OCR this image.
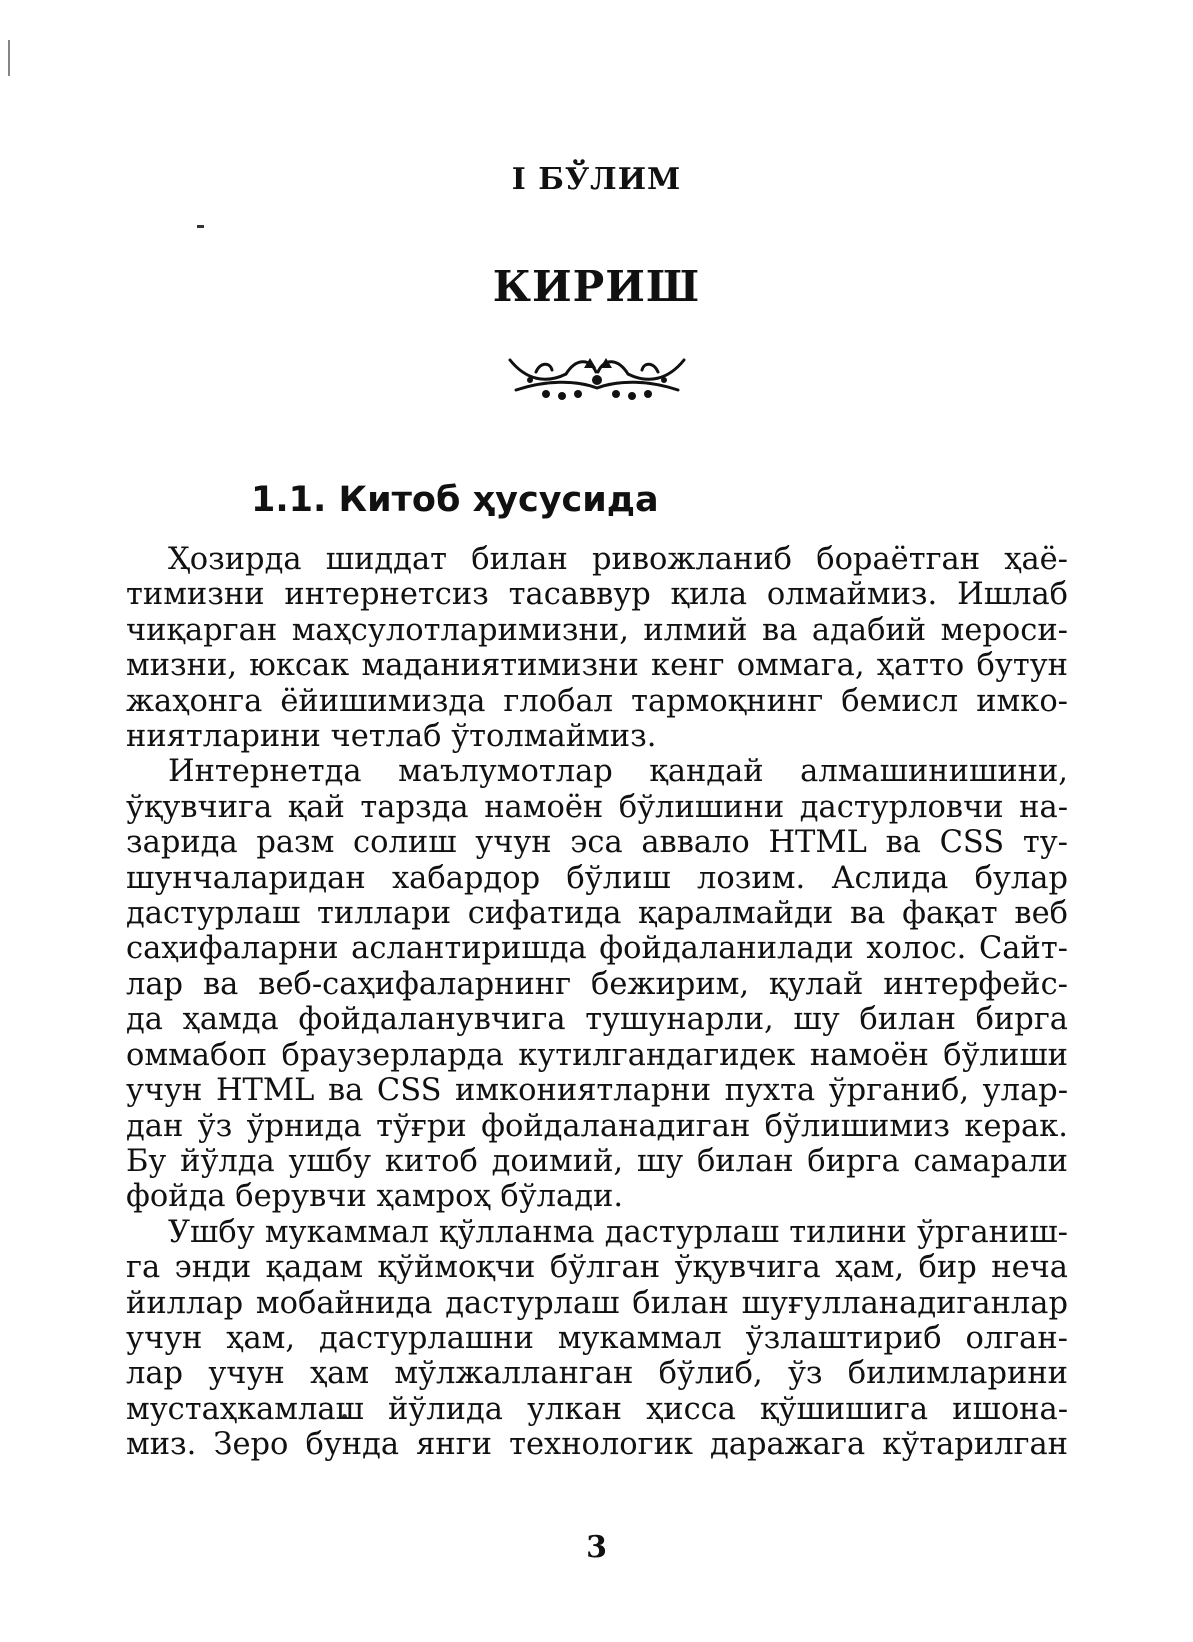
I БЎЛИМ
КИРИШ
1.1. Китоб ҳусусида
Ҳозирда шиддат билан ривожланиб бораётган ҳаё-
тимизни интернетсиз тасаввур қила олмаймиз. Ишлаб
чиқарган маҳсулотларимизни, илмий ва адабий мероси-
мизни, юксак маданиятимизни кенг оммага, ҳатто бутун
жаҳонга ёйишимизда глобал тармоқнинг бемисл имко-
ниятларини четлаб ўтолмаймиз.
Интернетда маълумотлар қандай алмашинишини,
ўқувчига қай тарзда намоён бўлишини дастурловчи на-
зарида разм солиш учун эса аввало HTML ва CSS ту-
шунчаларидан хабардор бўлиш лозим. Аслида булар
дастурлаш тиллари сифатида қаралмайди ва фақат веб
саҳифаларни аслантиришда фойдаланилади холос. Сайт-
лар ва веб-саҳифаларнинг бежирим, қулай интерфейс-
да ҳамда фойдаланувчига тушунарли, шу билан бирга
оммабоп браузерларда кутилгандагидек намоён бўлиши
учун HTML ва CSS имкониятларни пухта ўрганиб, улар-
дан ўз ўрнида тўғри фойдаланадиган бўлишимиз керак.
Бу йўлда ушбу китоб доимий, шу билан бирга самарали
фойда берувчи ҳамроҳ бўлади.
Ушбу мукаммал қўлланма дастурлаш тилини ўрганиш-
га энди қадам қўймоқчи бўлган ўқувчига ҳам, бир неча
йиллар мобайнида дастурлаш билан шуғулланадиганлар
учун ҳам, дастурлашни мукаммал ўзлаштириб олган-
лар учун ҳам мўлжалланган бўлиб, ўз билимларини
мустаҳкамлаш йўлида улкан ҳисса қўшишига ишона-
миз. Зеро бунда янги технологик даражага кўтарилган
3
